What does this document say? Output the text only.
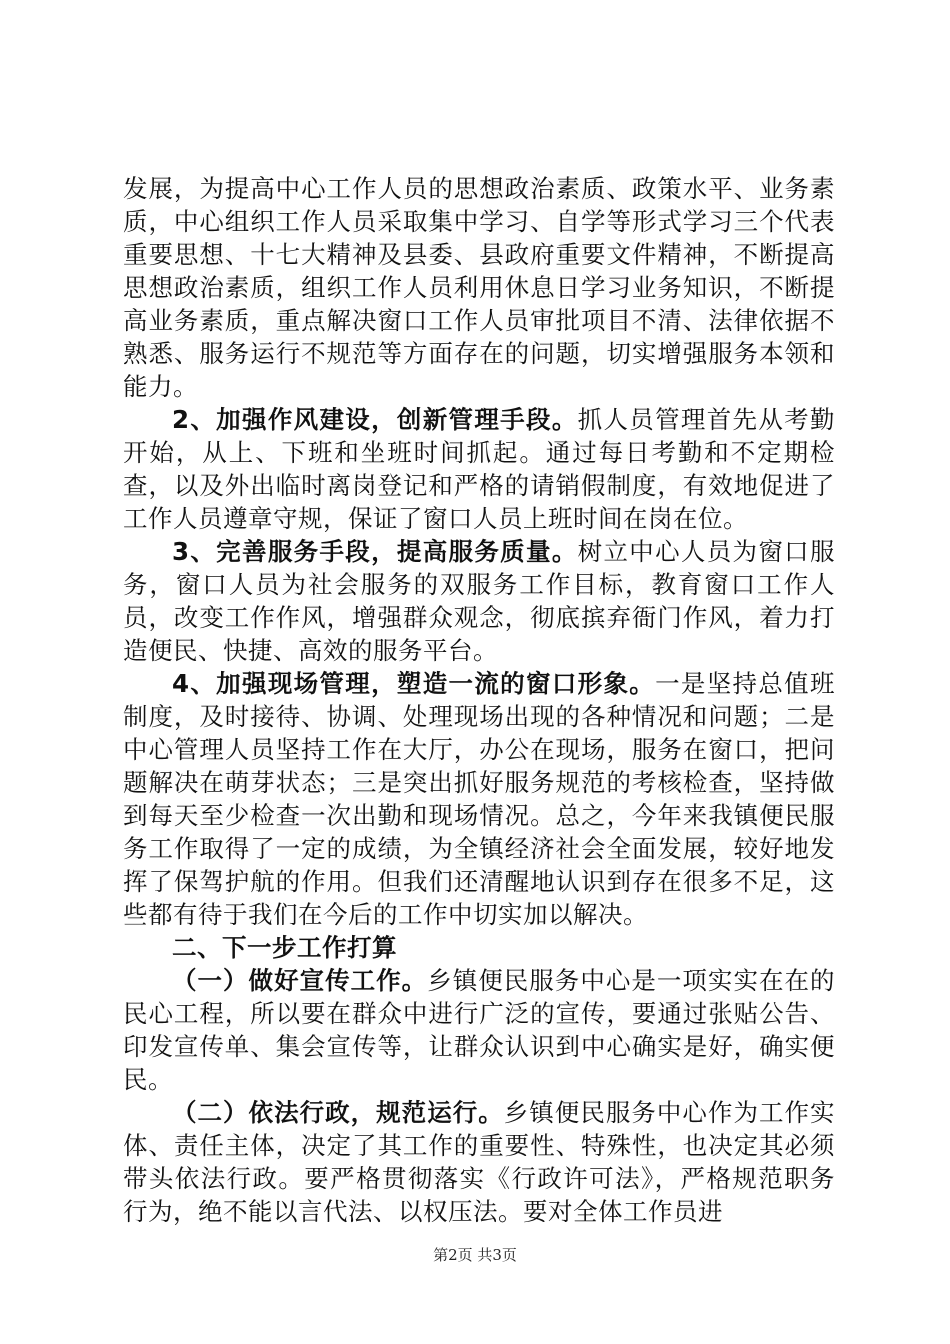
发展，为提高中心工作人员的思想政治素质、政策水平、业务素质，中心组织工作人员采取集中学习、自学等形式学习三个代表重要思想、十七大精神及县委、县政府重要文件精神，不断提高思想政治素质，组织工作人员利用休息日学习业务知识，不断提高业务素质，重点解决窗口工作人员审批项目不清、法律依据不熟悉、服务运行不规范等方面存在的问题，切实增强服务本领和能力。

2、加强作风建设，创新管理手段。抓人员管理首先从考勤开始，从上、下班和坐班时间抓起。通过每日考勤和不定期检查，以及外出临时离岗登记和严格的请销假制度，有效地促进了工作人员遵章守规，保证了窗口人员上班时间在岗在位。

3、完善服务手段，提高服务质量。树立中心人员为窗口服务，窗口人员为社会服务的双服务工作目标，教育窗口工作人员，改变工作作风，增强群众观念，彻底摈弃衙门作风，着力打造便民、快捷、高效的服务平台。

4、加强现场管理，塑造一流的窗口形象。一是坚持总值班制度，及时接待、协调、处理现场出现的各种情况和问题；二是中心管理人员坚持工作在大厅，办公在现场，服务在窗口，把问题解决在萌芽状态；三是突出抓好服务规范的考核检查，坚持做到每天至少检查一次出勤和现场情况。总之，今年来我镇便民服务工作取得了一定的成绩，为全镇经济社会全面发展，较好地发挥了保驾护航的作用。但我们还清醒地认识到存在很多不足，这些都有待于我们在今后的工作中切实加以解决。

二、下一步工作打算

（一）做好宣传工作。乡镇便民服务中心是一项实实在在的民心工程，所以要在群众中进行广泛的宣传，要通过张贴公告、印发宣传单、集会宣传等，让群众认识到中心确实是好，确实便民。

（二）依法行政，规范运行。乡镇便民服务中心作为工作实体、责任主体，决定了其工作的重要性、特殊性，也决定其必须带头依法行政。要严格贯彻落实《行政许可法》，严格规范职务行为，绝不能以言代法、以权压法。要对全体工作员进

第2页 共3页
